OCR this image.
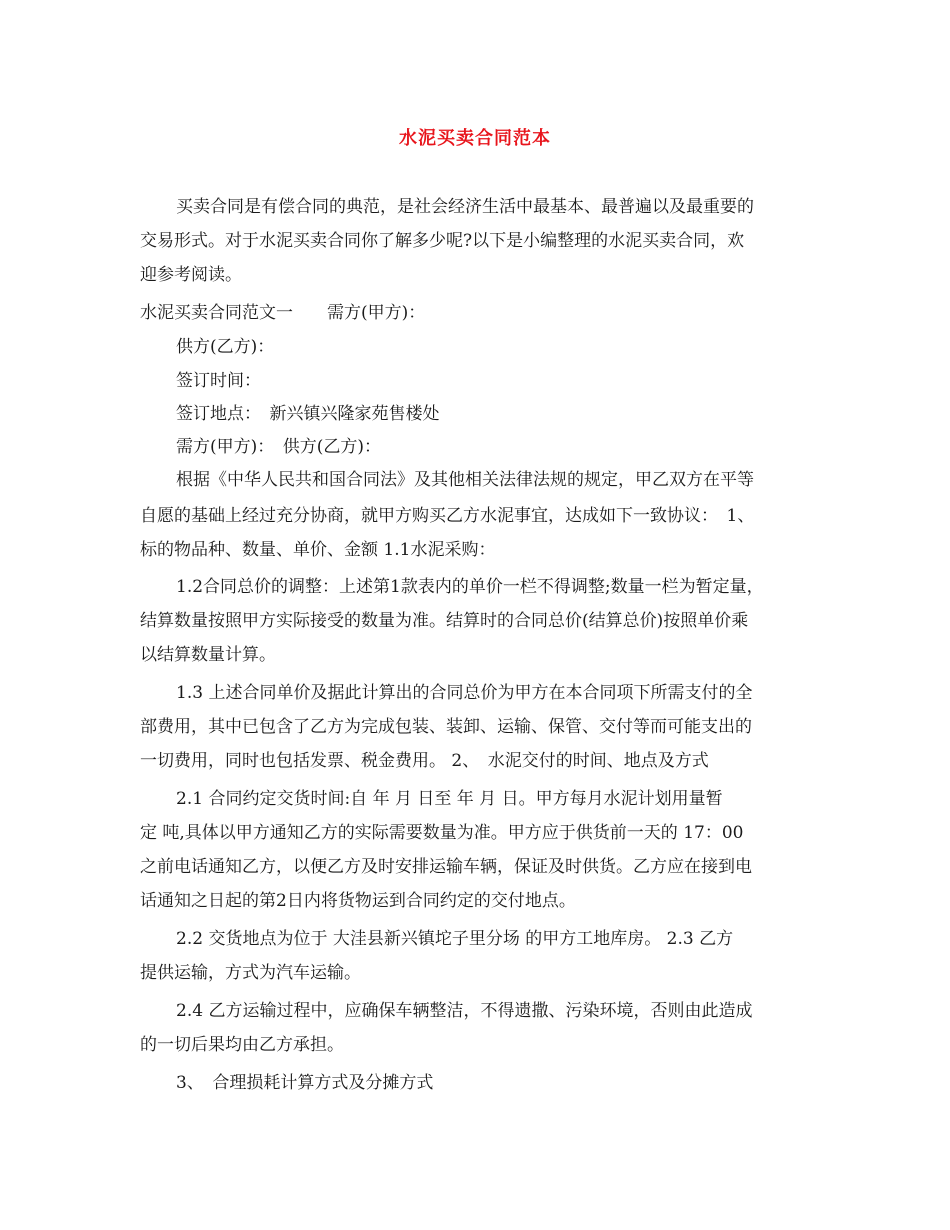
水泥买卖合同范本
买卖合同是有偿合同的典范，是社会经济生活中最基本、最普遍以及最重要的
交易形式。对于水泥买卖合同你了解多少呢?以下是小编整理的水泥买卖合同，欢
迎参考阅读。
水泥买卖合同范文一　　需方(甲方)：
供方(乙方)：
签订时间：
签订地点：　新兴镇兴隆家苑售楼处
需方(甲方)：　供方(乙方)：
根据《中华人民共和国合同法》及其他相关法律法规的规定，甲乙双方在平等
自愿的基础上经过充分协商，就甲方购买乙方水泥事宜，达成如下一致协议：　1、
标的物品种、数量、单价、金额 1.1水泥采购：
1.2合同总价的调整：上述第1款表内的单价一栏不得调整;数量一栏为暂定量，
结算数量按照甲方实际接受的数量为准。结算时的合同总价(结算总价)按照单价乘
以结算数量计算。
1.3 上述合同单价及据此计算出的合同总价为甲方在本合同项下所需支付的全
部费用，其中已包含了乙方为完成包装、装卸、运输、保管、交付等而可能支出的
一切费用，同时也包括发票、税金费用。 2、　水泥交付的时间、地点及方式
2.1 合同约定交货时间:自 年 月 日至 年 月 日。甲方每月水泥计划用量暂
定 吨,具体以甲方通知乙方的实际需要数量为准。甲方应于供货前一天的 17：00
之前电话通知乙方，以便乙方及时安排运输车辆，保证及时供货。乙方应在接到电
话通知之日起的第2日内将货物运到合同约定的交付地点。
2.2 交货地点为位于 大洼县新兴镇坨子里分场 的甲方工地库房。 2.3 乙方
提供运输，方式为汽车运输。
2.4 乙方运输过程中，应确保车辆整洁，不得遗撒、污染环境，否则由此造成
的一切后果均由乙方承担。
3、　合理损耗计算方式及分摊方式
